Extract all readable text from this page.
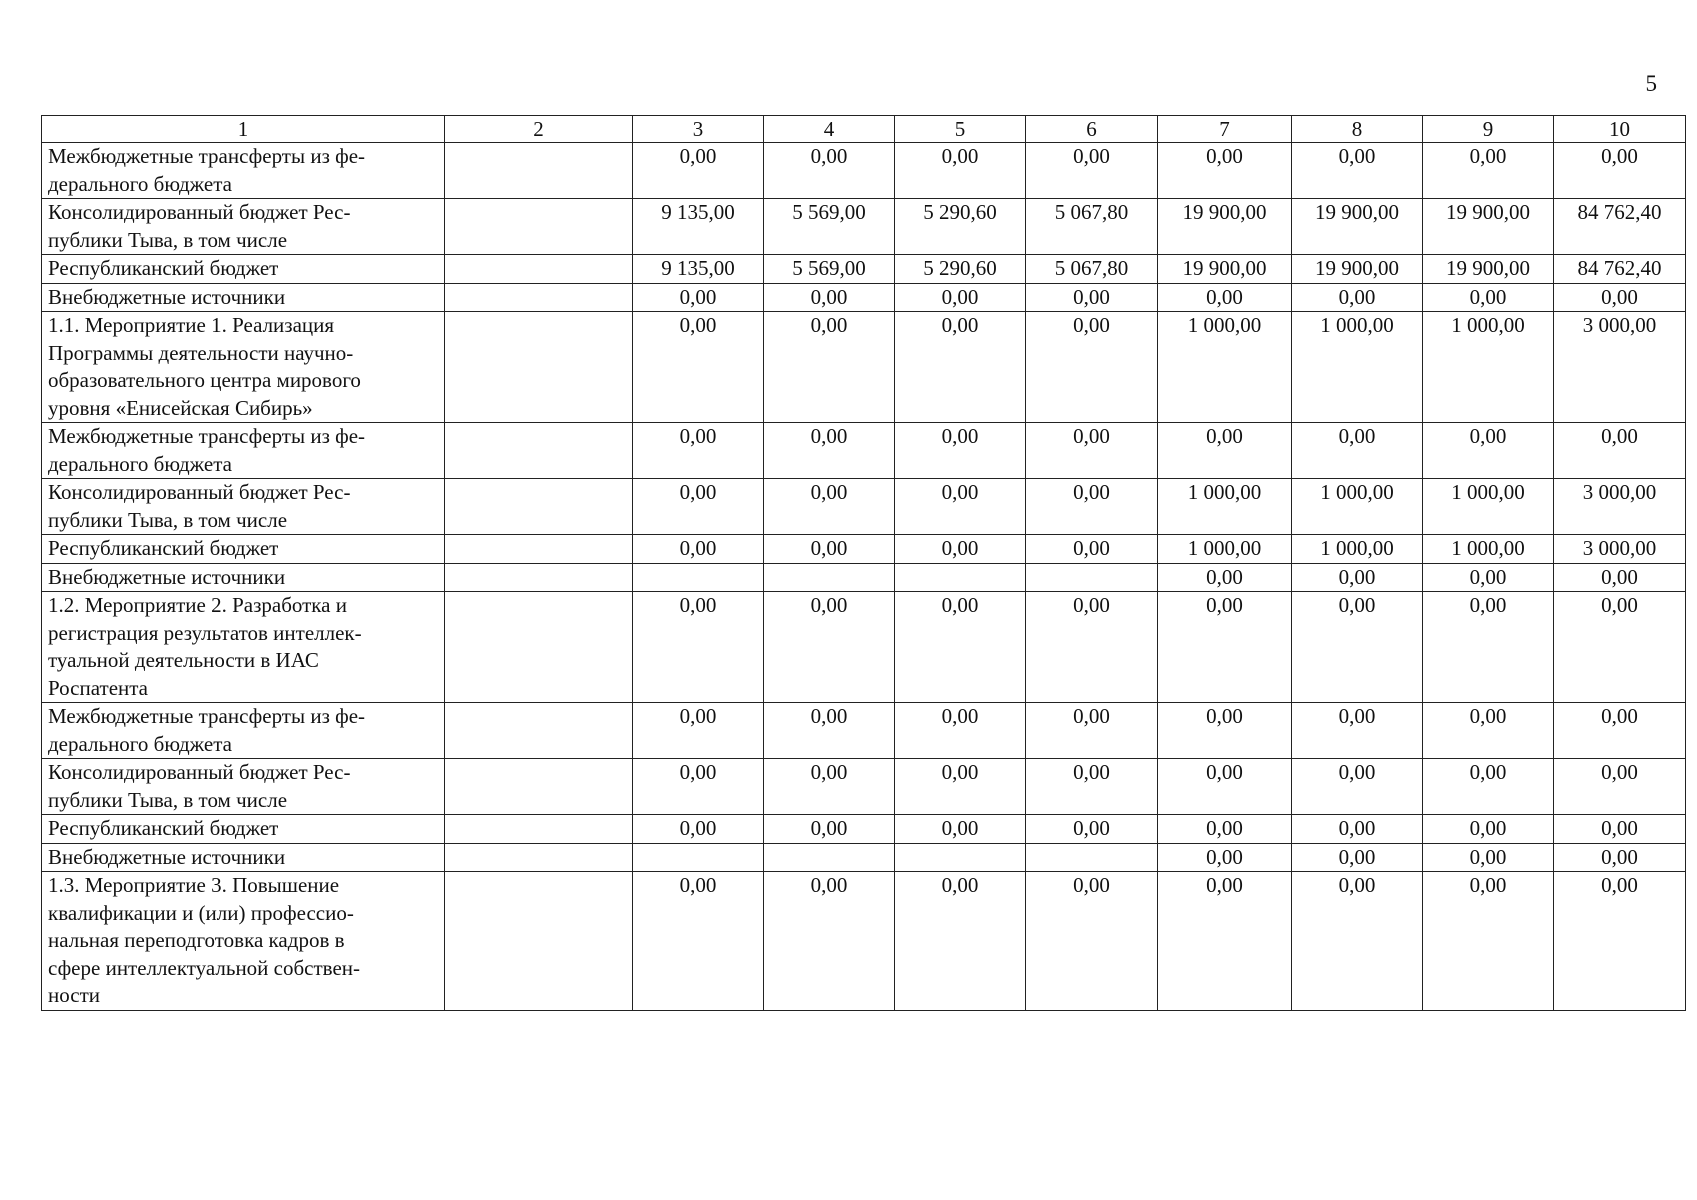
5
1	2	3	4	5	6	7	8	9	10
Межбюджетные трансферты из фе-
дерального бюджета		0,00	0,00	0,00	0,00	0,00	0,00	0,00	0,00
Консолидированный бюджет Рес-
публики Тыва, в том числе		9 135,00	5 569,00	5 290,60	5 067,80	19 900,00	19 900,00	19 900,00	84 762,40
Республиканский бюджет		9 135,00	5 569,00	5 290,60	5 067,80	19 900,00	19 900,00	19 900,00	84 762,40
Внебюджетные источники		0,00	0,00	0,00	0,00	0,00	0,00	0,00	0,00
1.1. Мероприятие 1. Реализация
Программы деятельности научно-
образовательного центра мирового
уровня «Енисейская Сибирь»		0,00	0,00	0,00	0,00	1 000,00	1 000,00	1 000,00	3 000,00
Межбюджетные трансферты из фе-
дерального бюджета		0,00	0,00	0,00	0,00	0,00	0,00	0,00	0,00
Консолидированный бюджет Рес-
публики Тыва, в том числе		0,00	0,00	0,00	0,00	1 000,00	1 000,00	1 000,00	3 000,00
Республиканский бюджет		0,00	0,00	0,00	0,00	1 000,00	1 000,00	1 000,00	3 000,00
Внебюджетные источники						0,00	0,00	0,00	0,00
1.2. Мероприятие 2. Разработка и
регистрация результатов интеллек-
туальной деятельности в ИАС
Роспатента		0,00	0,00	0,00	0,00	0,00	0,00	0,00	0,00
Межбюджетные трансферты из фе-
дерального бюджета		0,00	0,00	0,00	0,00	0,00	0,00	0,00	0,00
Консолидированный бюджет Рес-
публики Тыва, в том числе		0,00	0,00	0,00	0,00	0,00	0,00	0,00	0,00
Республиканский бюджет		0,00	0,00	0,00	0,00	0,00	0,00	0,00	0,00
Внебюджетные источники						0,00	0,00	0,00	0,00
1.3. Мероприятие 3. Повышение
квалификации и (или) профессио-
нальная переподготовка кадров в
сфере интеллектуальной собствен-
ности		0,00	0,00	0,00	0,00	0,00	0,00	0,00	0,00
